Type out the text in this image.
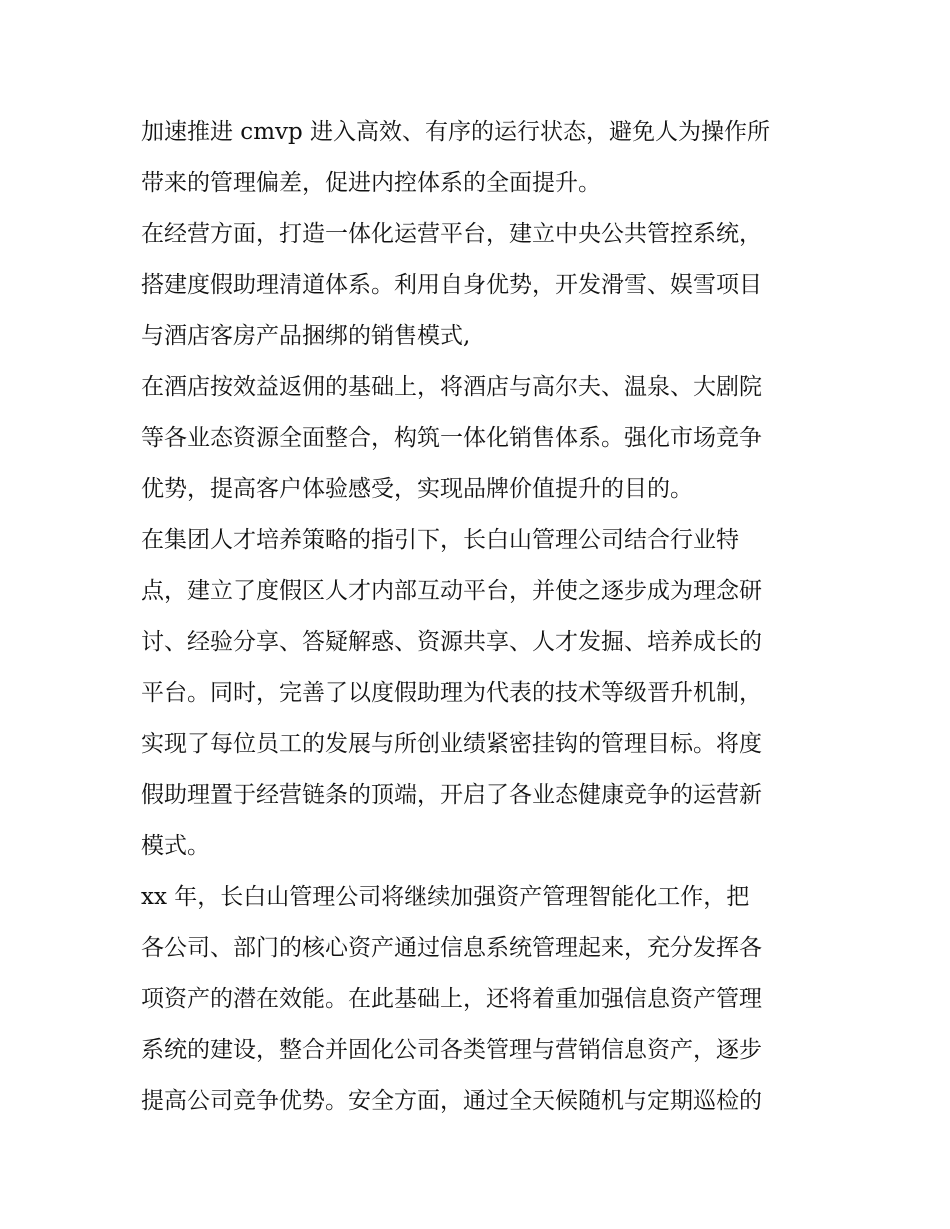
加速推进 cmvp 进入高效、有序的运行状态，避免人为操作所
带来的管理偏差，促进内控体系的全面提升。

在经营方面，打造一体化运营平台，建立中央公共管控系统，
搭建度假助理清道体系。利用自身优势，开发滑雪、娱雪项目
与酒店客房产品捆绑的销售模式,

在酒店按效益返佣的基础上，将酒店与高尔夫、温泉、大剧院
等各业态资源全面整合，构筑一体化销售体系。强化市场竞争
优势，提高客户体验感受，实现品牌价值提升的目的。

在集团人才培养策略的指引下，长白山管理公司结合行业特
点，建立了度假区人才内部互动平台，并使之逐步成为理念研
讨、经验分享、答疑解惑、资源共享、人才发掘、培养成长的
平台。同时，完善了以度假助理为代表的技术等级晋升机制，
实现了每位员工的发展与所创业绩紧密挂钩的管理目标。将度
假助理置于经营链条的顶端，开启了各业态健康竞争的运营新
模式。

xx 年，长白山管理公司将继续加强资产管理智能化工作，把
各公司、部门的核心资产通过信息系统管理起来，充分发挥各
项资产的潜在效能。在此基础上，还将着重加强信息资产管理
系统的建设，整合并固化公司各类管理与营销信息资产，逐步
提高公司竞争优势。安全方面，通过全天候随机与定期巡检的
